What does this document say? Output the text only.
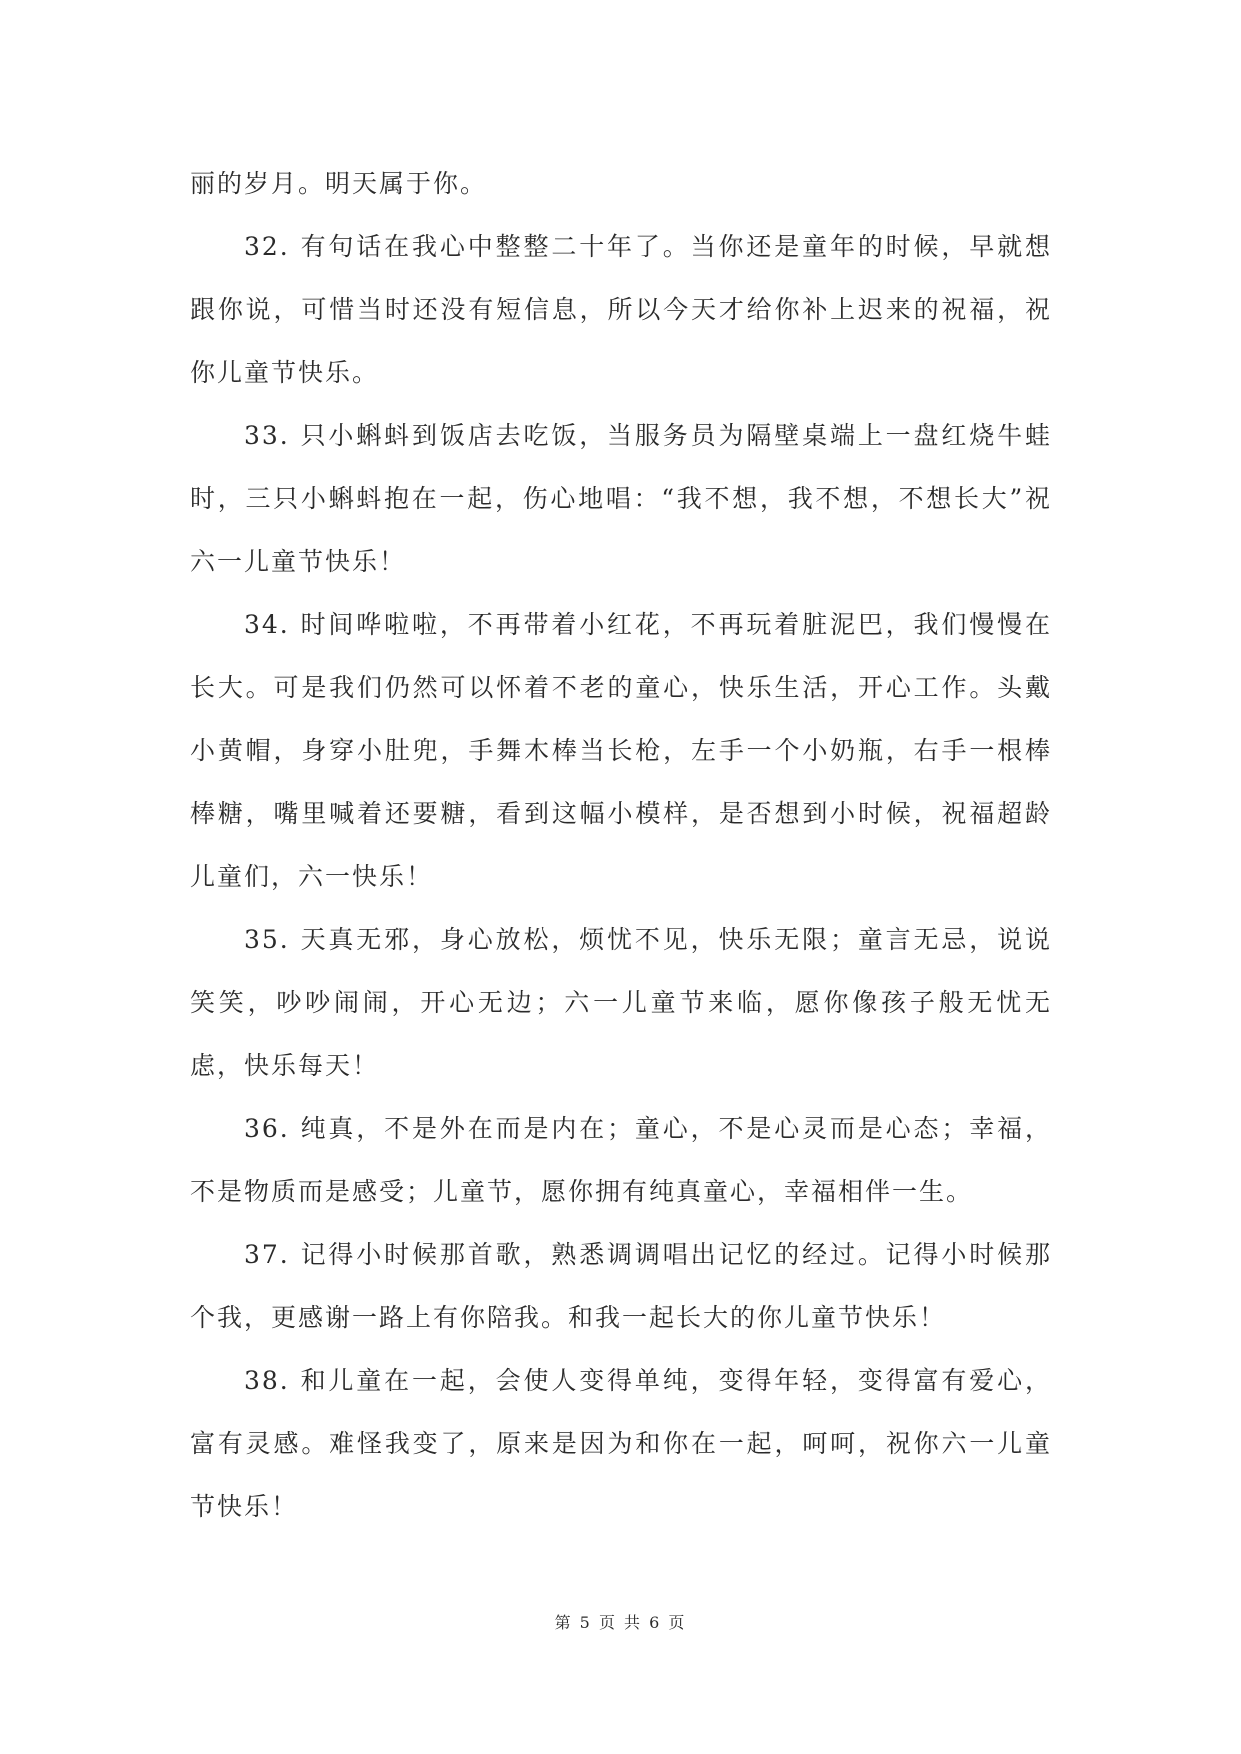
丽的岁月。明天属于你。

32. 有句话在我心中整整二十年了。当你还是童年的时候，早就想跟你说，可惜当时还没有短信息，所以今天才给你补上迟来的祝福，祝你儿童节快乐。

33. 只小蝌蚪到饭店去吃饭，当服务员为隔壁桌端上一盘红烧牛蛙时，三只小蝌蚪抱在一起，伤心地唱：“我不想，我不想，不想长大”祝六一儿童节快乐！

34. 时间哗啦啦，不再带着小红花，不再玩着脏泥巴，我们慢慢在长大。可是我们仍然可以怀着不老的童心，快乐生活，开心工作。头戴小黄帽，身穿小肚兜，手舞木棒当长枪，左手一个小奶瓶，右手一根棒棒糖，嘴里喊着还要糖，看到这幅小模样，是否想到小时候，祝福超龄儿童们，六一快乐！

35. 天真无邪，身心放松，烦忧不见，快乐无限；童言无忌，说说笑笑，吵吵闹闹，开心无边；六一儿童节来临，愿你像孩子般无忧无虑，快乐每天！

36. 纯真，不是外在而是内在；童心，不是心灵而是心态；幸福，不是物质而是感受；儿童节，愿你拥有纯真童心，幸福相伴一生。

37. 记得小时候那首歌，熟悉调调唱出记忆的经过。记得小时候那个我，更感谢一路上有你陪我。和我一起长大的你儿童节快乐！

38. 和儿童在一起，会使人变得单纯，变得年轻，变得富有爱心，富有灵感。难怪我变了，原来是因为和你在一起，呵呵，祝你六一儿童节快乐！

第 5 页 共 6 页
